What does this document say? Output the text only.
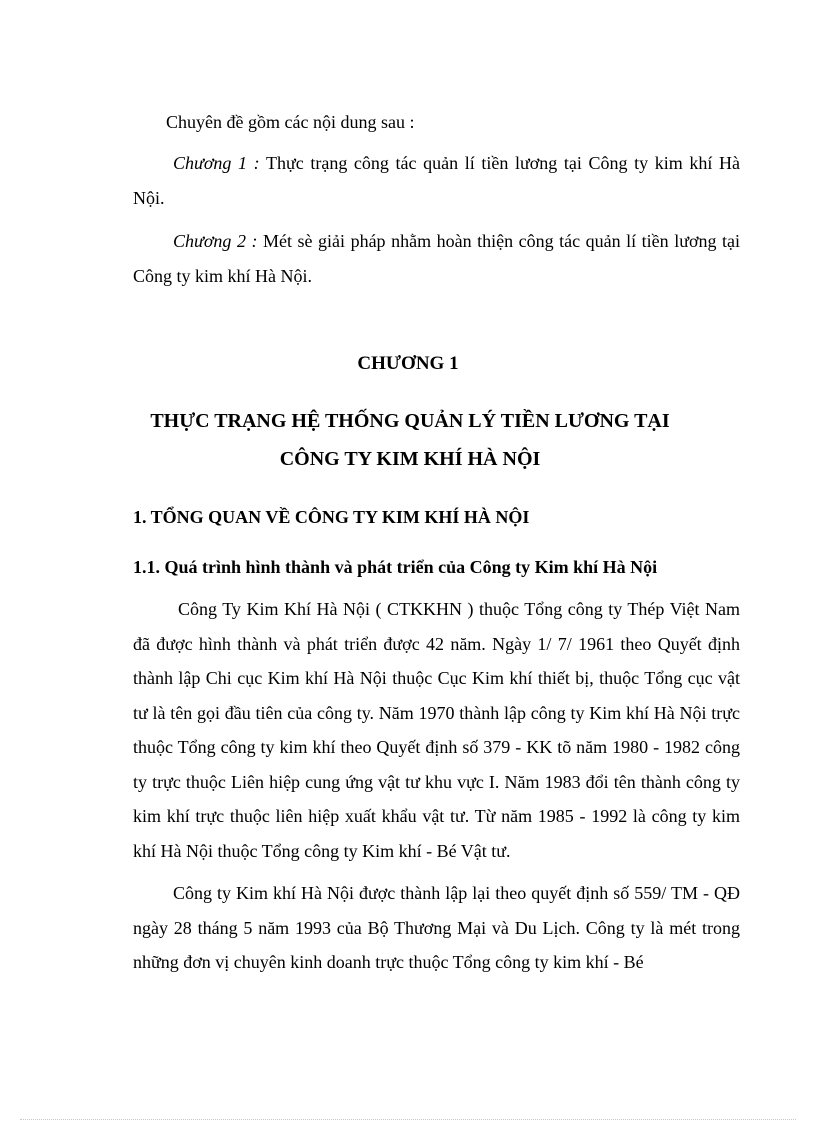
Chuyên đề gồm các nội dung sau :
Chương 1 : Thực trạng công tác quản lí tiền lương tại Công ty kim khí Hà Nội.
Chương 2 : Mét sè giải pháp nhằm hoàn thiện công tác quản lí tiền lương tại Công ty kim khí Hà Nội.
CHƯƠNG 1
THỰC TRẠNG HỆ THỐNG QUẢN LÝ TIỀN LƯƠNG TẠI
CÔNG TY KIM KHÍ HÀ NỘI
1. TỔNG QUAN VỀ CÔNG TY KIM KHÍ HÀ NỘI
1.1. Quá trình hình thành và phát triển của Công ty Kim khí Hà Nội
Công Ty Kim Khí Hà Nội ( CTKKHN ) thuộc Tổng công ty Thép Việt Nam đã được hình thành và phát triển được 42 năm. Ngày 1/ 7/ 1961 theo Quyết định thành lập Chi cục Kim khí Hà Nội thuộc Cục Kim khí thiết bị, thuộc Tổng cục vật tư là tên gọi đầu tiên của công ty. Năm 1970 thành lập công ty Kim khí Hà Nội trực thuộc Tổng công ty kim khí theo Quyết định số 379 - KK tõ năm 1980 - 1982 công ty trực thuộc Liên hiệp cung ứng vật tư khu vực I. Năm 1983 đổi tên thành công ty kim khí trực thuộc liên hiệp xuất khẩu vật tư. Từ năm 1985 - 1992 là công ty kim khí Hà Nội thuộc Tổng công ty Kim khí - Bé Vật tư.
Công ty Kim khí Hà Nội được thành lập lại theo quyết định số 559/ TM - QĐ ngày 28 tháng 5 năm 1993 của Bộ Thương Mại và Du Lịch. Công ty là mét trong những đơn vị chuyên kinh doanh trực thuộc Tổng công ty kim khí - Bé
